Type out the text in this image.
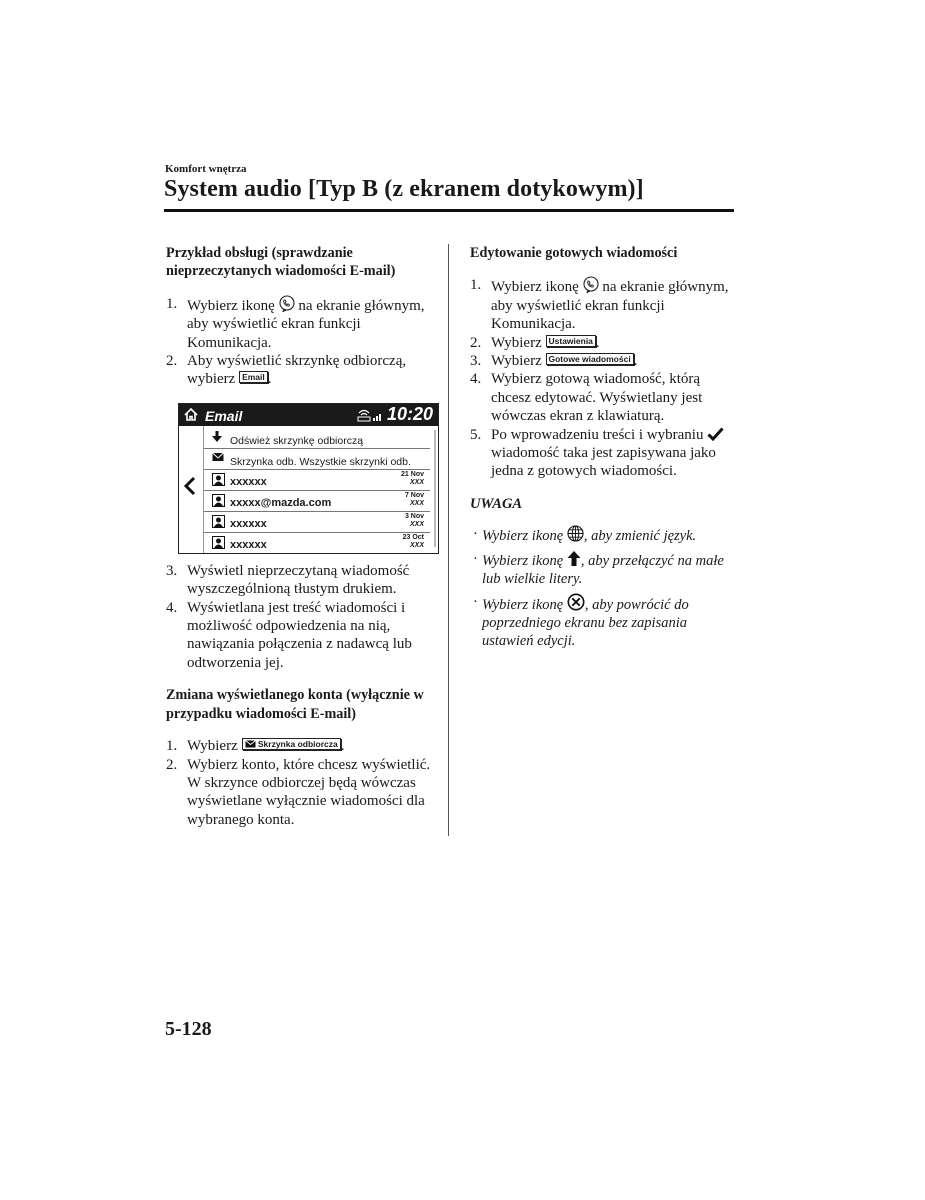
Komfort wnętrza
System audio [Typ B (z ekranem dotykowym)]
Przykład obsługi (sprawdzanie nieprzeczytanych wiadomości E-mail)
1. Wybierz ikonę na ekranie głównym, aby wyświetlić ekran funkcji Komunikacja.
2. Aby wyświetlić skrzynkę odbiorczą, wybierz Email .
Email	10:20
Odśwież skrzynkę odbiorczą
Skrzynka odb. Wszystkie skrzynki odb.
xxxxxx
21 Nov
XXX
xxxxx@mazda.com
7 Nov
XXX
xxxxxx
3 Nov
XXX
xxxxxx
23 Oct
XXX
3. Wyświetl nieprzeczytaną wiadomość wyszczególnioną tłustym drukiem.
4. Wyświetlana jest treść wiadomości i możliwość odpowiedzenia na nią, nawiązania połączenia z nadawcą lub odtworzenia jej.
Zmiana wyświetlanego konta (wyłącznie w przypadku wiadomości E-mail)
1. Wybierz Skrzynka odbiorcza .
2. Wybierz konto, które chcesz wyświetlić. W skrzynce odbiorczej będą wówczas wyświetlane wyłącznie wiadomości dla wybranego konta.
Edytowanie gotowych wiadomości
1. Wybierz ikonę na ekranie głównym, aby wyświetlić ekran funkcji Komunikacja.
2. Wybierz Ustawienia .
3. Wybierz Gotowe wiadomości .
4. Wybierz gotową wiadomość, którą chcesz edytować. Wyświetlany jest wówczas ekran z klawiaturą.
5. Po wprowadzeniu treści i wybraniu  wiadomość taka jest zapisywana jako jedna z gotowych wiadomości.
UWAGA
· Wybierz ikonę , aby zmienić język.
· Wybierz ikonę , aby przełączyć na małe lub wielkie litery.
· Wybierz ikonę , aby powrócić do poprzedniego ekranu bez zapisania ustawień edycji.
5-128
